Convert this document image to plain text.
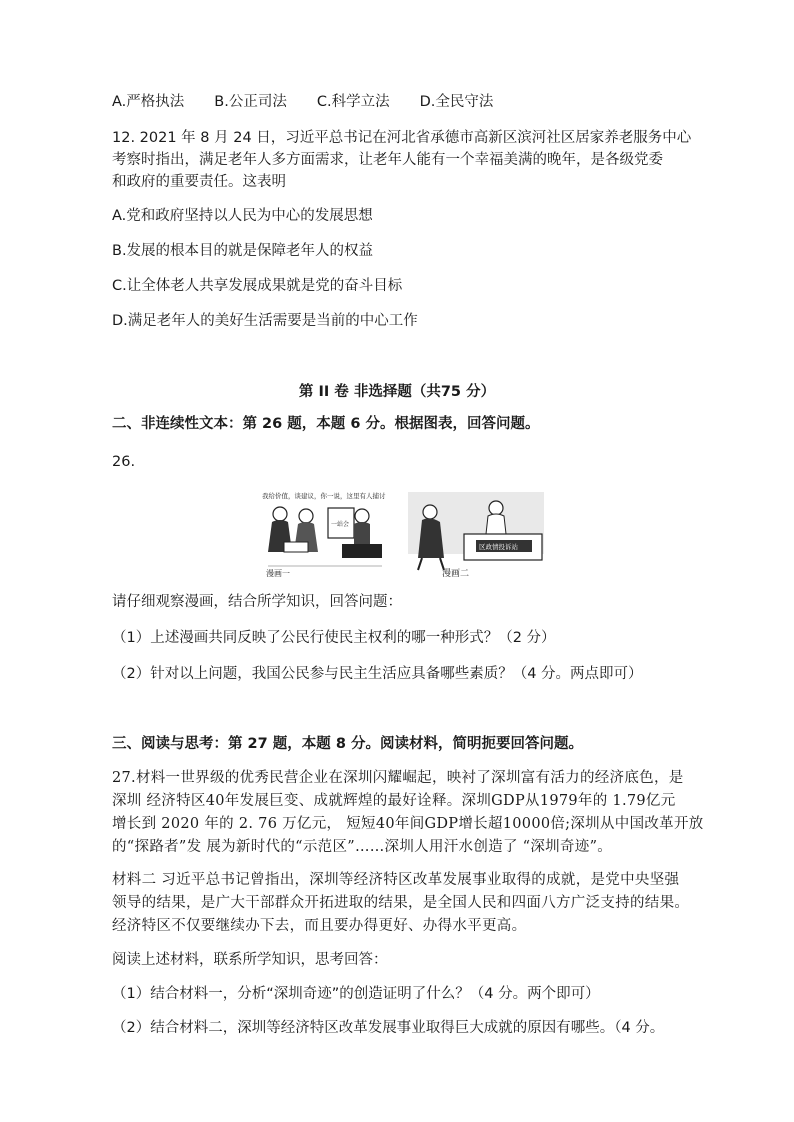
A.严格执法 B.公正司法 C.科学立法 D.全民守法
12. 2021 年 8 月 24 日，习近平总书记在河北省承德市高新区滨河社区居家养老服务中心
考察时指出，满足老年人多方面需求，让老年人能有一个幸福美满的晚年，是各级党委
和政府的重要责任。这表明
A.党和政府坚持以人民为中心的发展思想
B.发展的根本目的就是保障老年人的权益
C.让全体老人共享发展成果就是党的奋斗目标
D.满足老年人的美好生活需要是当前的中心工作
第 II 卷 非选择题（共75 分）
二、非连续性文本：第 26 题，本题 6 分。根据图表，回答问题。
26.
我给价值，谈建议，你一说，这里有人捕讨
一站会
漫画一
区政情投诉站
漫画二
请仔细观察漫画，结合所学知识，回答问题：
（1）上述漫画共同反映了公民行使民主权利的哪一种形式？（2 分）
（2）针对以上问题，我国公民参与民主生活应具备哪些素质？（4 分。两点即可）
三、阅读与思考：第 27 题，本题 8 分。阅读材料，简明扼要回答问题。
27.材料一世界级的优秀民营企业在深圳闪耀崛起，映衬了深圳富有活力的经济底色，是
深圳 经济特区40年发展巨变、成就辉煌的最好诠释。深圳GDP从1979年的 1.79亿元
增长到 2020 年的 2. 76 万亿元， 短短40年间GDP增长超10000倍;深圳从中国改革开放
的“探路者”发 展为新时代的“示范区”……深圳人用汗水创造了 “深圳奇迹”。
材料二 习近平总书记曾指出，深圳等经济特区改革发展事业取得的成就，是党中央坚强
领导的结果，是广大干部群众开拓进取的结果，是全国人民和四面八方广泛支持的结果。
经济特区不仅要继续办下去，而且要办得更好、办得水平更高。
阅读上述材料，联系所学知识，思考回答：
（1）结合材料一，分析“深圳奇迹”的创造证明了什么？（4 分。两个即可）
（2）结合材料二，深圳等经济特区改革发展事业取得巨大成就的原因有哪些。（4 分。
